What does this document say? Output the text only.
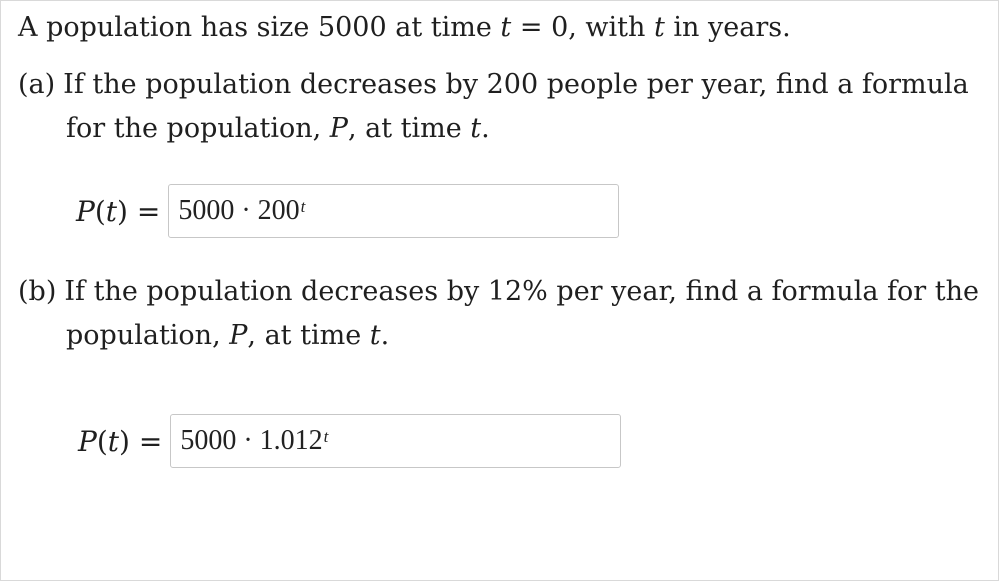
A population has size 5000 at time t = 0, with t in years.
(a) If the population decreases by 200 people per year, find a formula
for the population, P, at time t.
$P(t) = 5000 \cdot 200^t$
(b) If the population decreases by 12% per year, find a formula for the
population, P, at time t.
$P(t) = 5000 \cdot 1.012^t$
